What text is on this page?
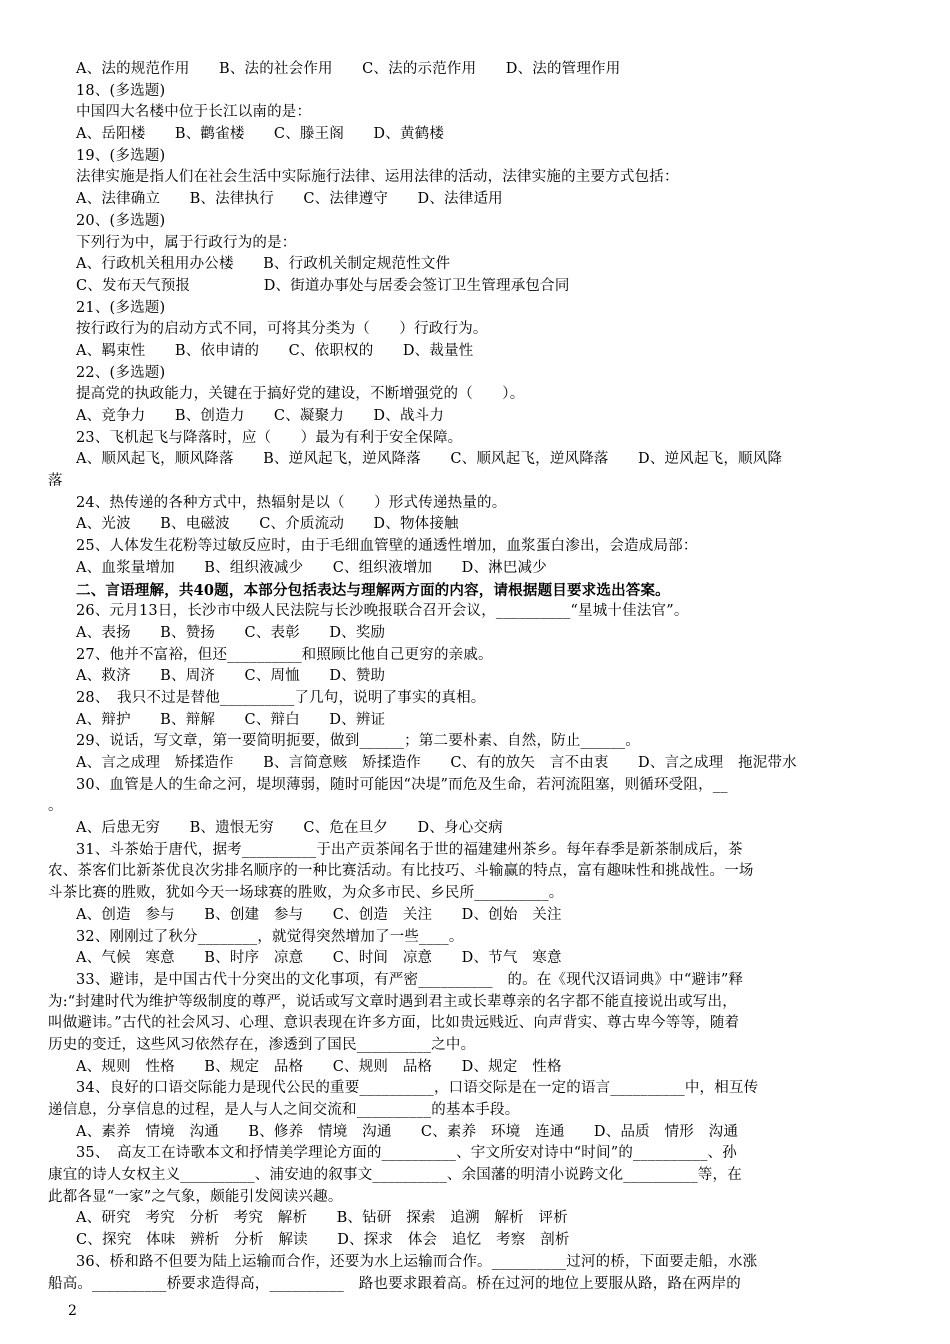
A、法的规范作用　　B、法的社会作用　　C、法的示范作用　　D、法的管理作用
18、(多选题)
中国四大名楼中位于长江以南的是：
A、岳阳楼　　B、鹳雀楼　　C、滕王阁　　D、黄鹤楼
19、(多选题)
法律实施是指人们在社会生活中实际施行法律、运用法律的活动，法律实施的主要方式包括：
A、法律确立　　B、法律执行　　C、法律遵守　　D、法律适用
20、(多选题)
下列行为中，属于行政行为的是：
A、行政机关租用办公楼　　B、行政机关制定规范性文件
C、发布天气预报　　　　　D、街道办事处与居委会签订卫生管理承包合同
21、(多选题)
按行政行为的启动方式不同，可将其分类为（　　）行政行为。
A、羁束性　　B、依申请的　　C、依职权的　　D、裁量性
22、(多选题)
提高党的执政能力，关键在于搞好党的建设，不断增强党的（　　）。
A、竞争力　　B、创造力　　C、凝聚力　　D、战斗力
23、飞机起飞与降落时，应（　　）最为有利于安全保障。
A、顺风起飞，顺风降落　　B、逆风起飞，逆风降落　　C、顺风起飞，逆风降落　　D、逆风起飞，顺风降
落
24、热传递的各种方式中，热辐射是以（　　）形式传递热量的。
A、光波　　B、电磁波　　C、介质流动　　D、物体接触
25、人体发生花粉等过敏反应时，由于毛细血管壁的通透性增加，血浆蛋白渗出，会造成局部：
A、血浆量增加　　B、组织液减少　　C、组织液增加　　D、淋巴减少
二、言语理解，共40题，本部分包括表达与理解两方面的内容，请根据题目要求选出答案。
26、元月13日，长沙市中级人民法院与长沙晚报联合召开会议，__________“星城十佳法官”。
A、表扬　　B、赞扬　　C、表彰　　D、奖励
27、他并不富裕，但还__________和照顾比他自己更穷的亲戚。
A、救济　　B、周济　　C、周恤　　D、赞助
28、　我只不过是替他__________了几句，说明了事实的真相。
A、辩护　　B、辩解　　C、辩白　　D、辨证
29、说话，写文章，第一要简明扼要，做到______；第二要朴素、自然，防止______。
A、言之成理　矫揉造作　　B、言简意赅　矫揉造作　　C、有的放矢　言不由衷　　D、言之成理　拖泥带水
30、血管是人的生命之河，堤坝薄弱，随时可能因“决堤”而危及生命，若河流阻塞，则循环受阻，__
。
A、后患无穷　　B、遗恨无穷　　C、危在旦夕　　D、身心交病
31、斗茶始于唐代，据考__________于出产贡茶闻名于世的福建建州茶乡。每年春季是新茶制成后，茶
农、茶客们比新茶优良次劣排名顺序的一种比赛活动。有比技巧、斗输赢的特点，富有趣味性和挑战性。一场
斗茶比赛的胜败，犹如今天一场球赛的胜败，为众多市民、乡民所__________。
A、创造　参与　　B、创建　参与　　C、创造　关注　　D、创始　关注
32、刚刚过了秋分________，就觉得突然增加了一些____。
A、气候　寒意　　B、时序　凉意　　C、时间　凉意　　D、节气　寒意
33、避讳，是中国古代十分突出的文化事项，有严密__________　的。在《现代汉语词典》中“避讳”释
为:“封建时代为维护等级制度的尊严，说话或写文章时遇到君主或长辈尊亲的名字都不能直接说出或写出，
叫做避讳。”古代的社会风习、心理、意识表现在许多方面，比如贵远贱近、向声背实、尊古卑今等等，随着
历史的变迁，这些风习依然存在，渗透到了国民__________之中。
A、规则　性格　　B、规定　品格　　C、规则　品格　　D、规定　性格
34、良好的口语交际能力是现代公民的重要__________，口语交际是在一定的语言__________中，相互传
递信息，分享信息的过程，是人与人之间交流和__________的基本手段。
A、素养　情境　沟通　　B、修养　情境　沟通　　C、素养　环境　连通　　D、品质　情形　沟通
35、　高友工在诗歌本文和抒情美学理论方面的__________、宇文所安对诗中“时间”的__________、孙
康宜的诗人女权主义__________、浦安迪的叙事文__________、余国藩的明清小说跨文化__________等，在
此都各显“一家”之气象，颇能引发阅读兴趣。
A、研究　考究　分析　考究　解析　　B、钻研　探索　追溯　解析　评析
C、探究　体味　辨析　分析　解读　　D、探求　体会　追忆　考察　剖析
36、桥和路不但要为陆上运输而合作，还要为水上运输而合作。__________过河的桥，下面要走船，水涨
船高。__________桥要求造得高，__________　路也要求跟着高。桥在过河的地位上要服从路，路在两岸的
2
